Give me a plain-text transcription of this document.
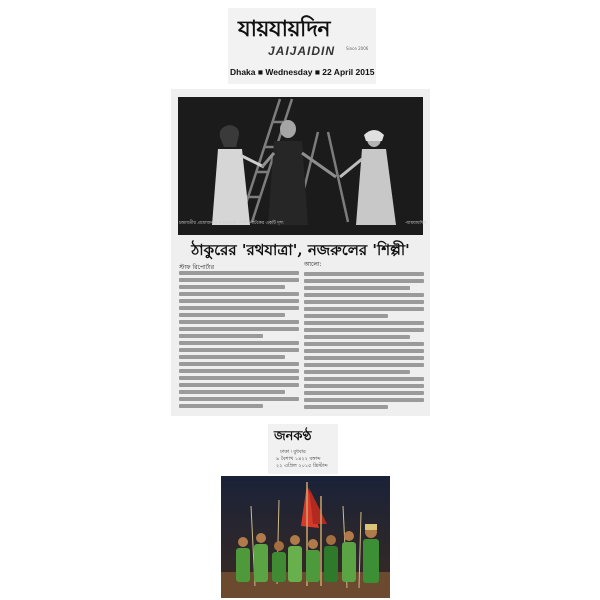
যায়যায়দিন
JAIJAIDIN	Since 2006
Dhaka ■ Wednesday ■ 22 April 2015
চন্দ্রাবতীর প্রযোজনায় নজরুলের 'শিল্পী' নাটকের একটি দৃশ্য	-যায়যায়দিন
ঠাকুরের 'রথযাত্রা', নজরুলের 'শিল্পী'
স্টাফ রিপোর্টার	আলো:
জনকণ্ঠ
ঢাকা ৷ বুধবার
৯ বৈশাখ ১৪২২ বঙ্গাব্দ
২২ এপ্রিল ২০১৫ খ্রিস্টাব্দ
